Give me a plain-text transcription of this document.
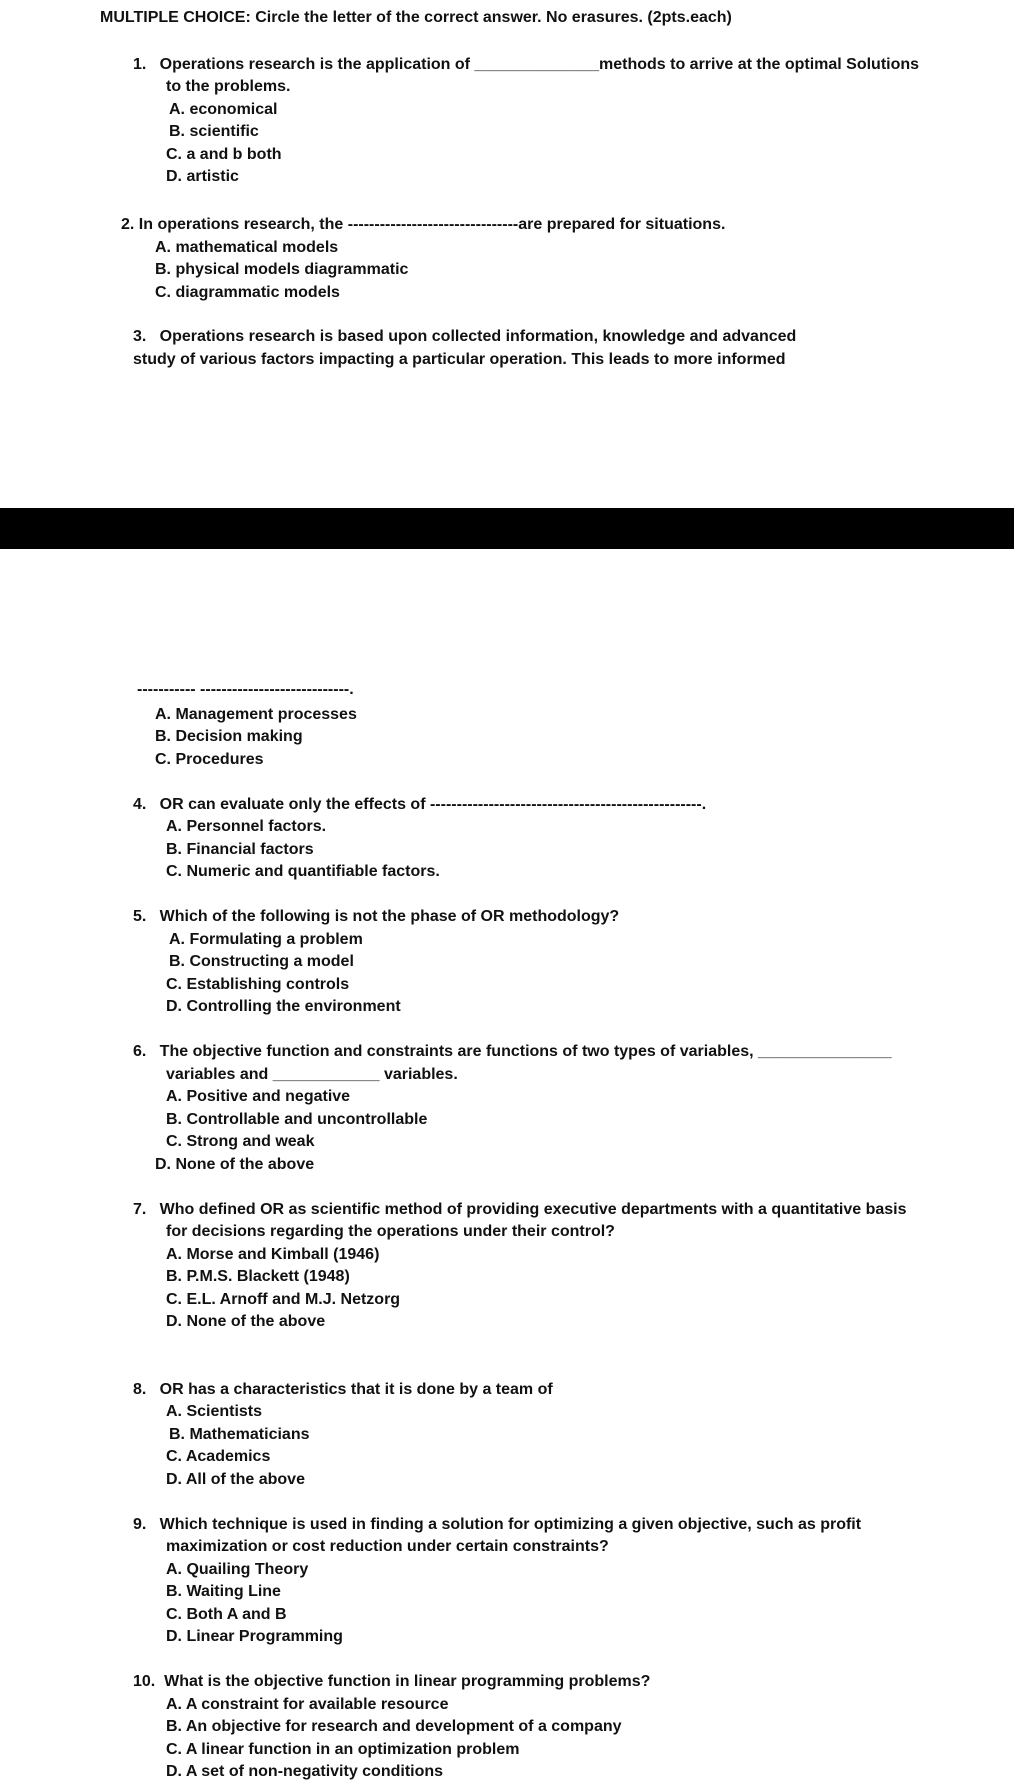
MULTIPLE CHOICE: Circle the letter of the correct answer. No erasures. (2pts.each)
1.   Operations research is the application of ______________methods to arrive at the optimal Solutions
to the problems.
A. economical
B. scientific
C. a and b both
D. artistic
2. In operations research, the --------------------------------are prepared for situations.
A. mathematical models
B. physical models diagrammatic
C. diagrammatic models
3.   Operations research is based upon collected information, knowledge and advanced
study of various factors impacting a particular operation. This leads to more informed
----------- ----------------------------.
A. Management processes
B. Decision making
C. Procedures
4.   OR can evaluate only the effects of ---------------------------------------------------.
A. Personnel factors.
B. Financial factors
C. Numeric and quantifiable factors.
5.   Which of the following is not the phase of OR methodology?
A. Formulating a problem
B. Constructing a model
C. Establishing controls
D. Controlling the environment
6.   The objective function and constraints are functions of two types of variables, _______________
variables and ____________ variables.
A. Positive and negative
B. Controllable and uncontrollable
C. Strong and weak
D. None of the above
7.   Who defined OR as scientific method of providing executive departments with a quantitative basis
for decisions regarding the operations under their control?
A. Morse and Kimball (1946)
B. P.M.S. Blackett (1948)
C. E.L. Arnoff and M.J. Netzorg
D. None of the above
8.   OR has a characteristics that it is done by a team of
A. Scientists
B. Mathematicians
C. Academics
D. All of the above
9.   Which technique is used in finding a solution for optimizing a given objective, such as profit
maximization or cost reduction under certain constraints?
A. Quailing Theory
B. Waiting Line
C. Both A and B
D. Linear Programming
10.  What is the objective function in linear programming problems?
A. A constraint for available resource
B. An objective for research and development of a company
C. A linear function in an optimization problem
D. A set of non-negativity conditions
